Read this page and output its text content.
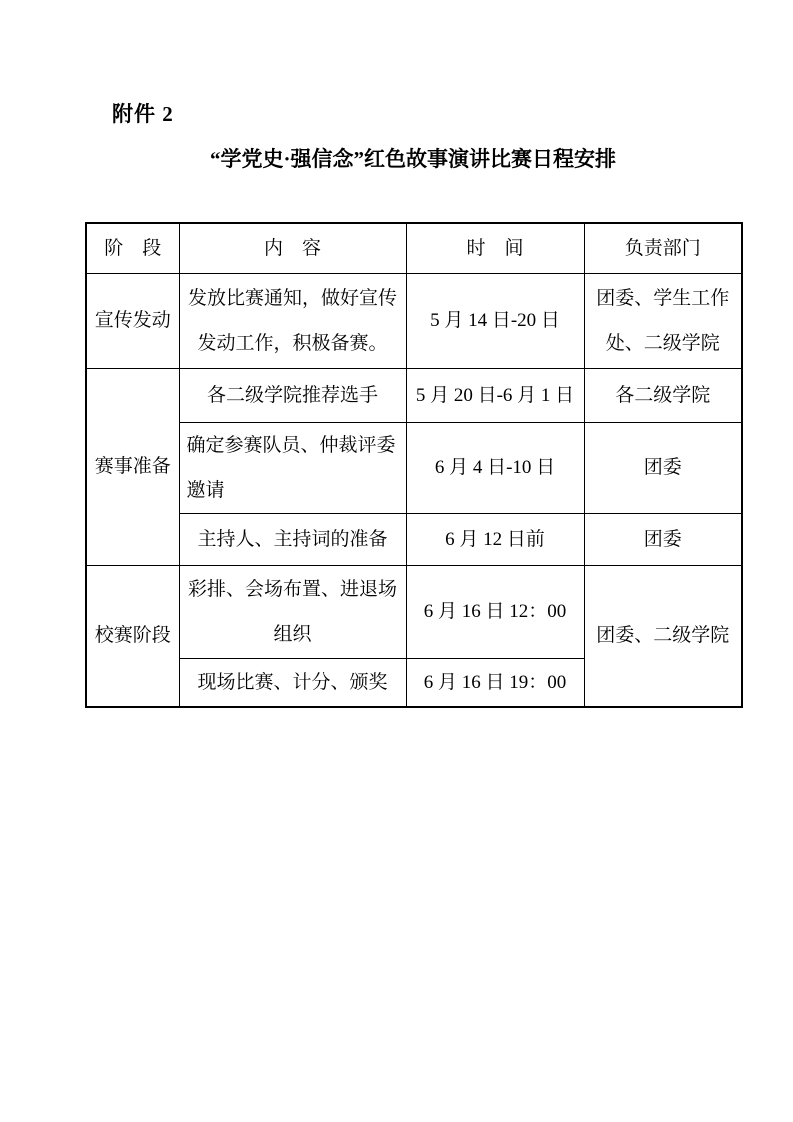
附件 2
“学党史·强信念”红色故事演讲比赛日程安排
阶　段	内　容	时　间	负责部门
宣传发动	发放比赛通知，做好宣传发动工作，积极备赛。	5 月 14 日-20 日	团委、学生工作处、二级学院
赛事准备	各二级学院推荐选手	5 月 20 日-6 月 1 日	各二级学院
	确定参赛队员、仲裁评委邀请	6 月 4 日-10 日	团委
	主持人、主持词的准备	6 月 12 日前	团委
校赛阶段	彩排、会场布置、进退场组织	6 月 16 日 12：00	团委、二级学院
	现场比赛、计分、颁奖	6 月 16 日 19：00	
